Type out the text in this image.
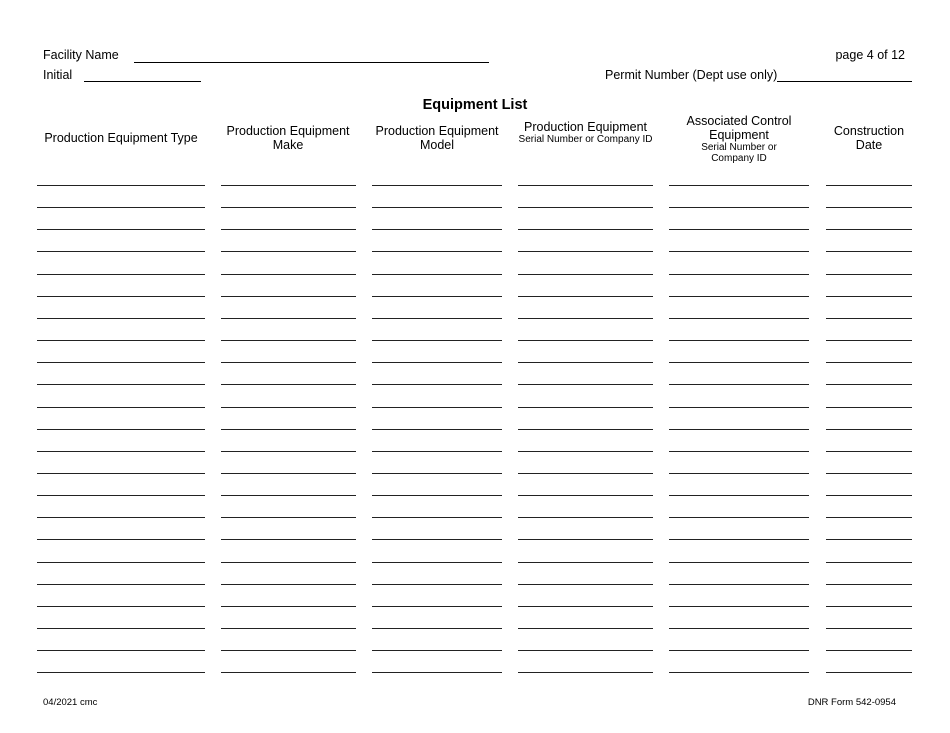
Facility Name
Initial
page 4 of 12
Permit Number (Dept use only)
Equipment List
Production Equipment Type	Production Equipment Make
Production Equipment Model
Production Equipment
Serial Number or Company ID
Associated Control Equipment
Serial Number or Company ID
Construction Date
04/2021 cmc	DNR Form 542-0954
